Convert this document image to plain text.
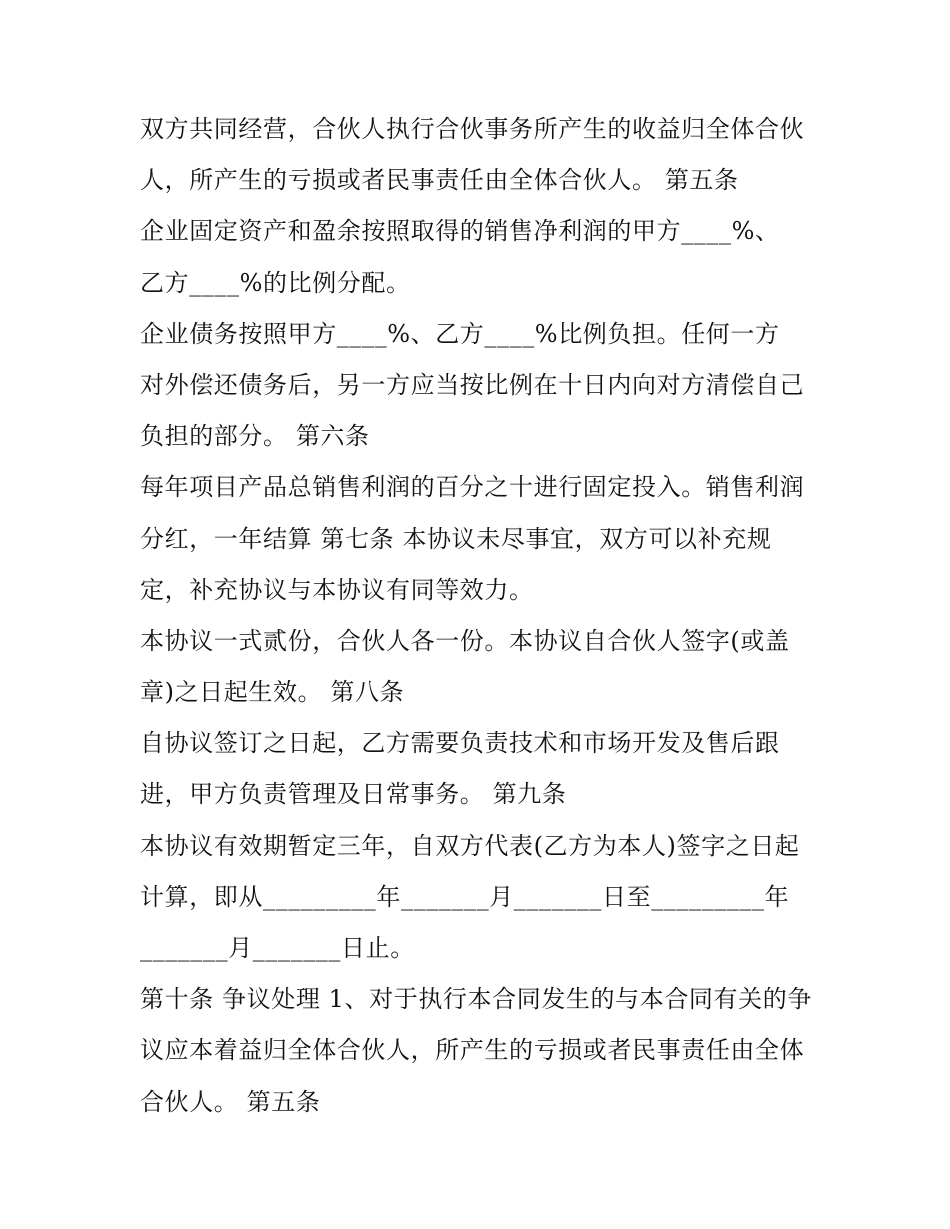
双方共同经营，合伙人执行合伙事务所产生的收益归全体合伙
人，所产生的亏损或者民事责任由全体合伙人。 第五条
企业固定资产和盈余按照取得的销售净利润的甲方____%、
乙方____%的比例分配。
企业债务按照甲方____%、乙方____%比例负担。任何一方
对外偿还债务后，另一方应当按比例在十日内向对方清偿自己
负担的部分。 第六条
每年项目产品总销售利润的百分之十进行固定投入。销售利润
分红，一年结算 第七条 本协议未尽事宜，双方可以补充规
定，补充协议与本协议有同等效力。
本协议一式贰份，合伙人各一份。本协议自合伙人签字(或盖
章)之日起生效。 第八条
自协议签订之日起，乙方需要负责技术和市场开发及售后跟
进，甲方负责管理及日常事务。 第九条
本协议有效期暂定三年，自双方代表(乙方为本人)签字之日起
计算，即从_________年_______月_______日至_________年
_______月_______日止。
第十条 争议处理 1、对于执行本合同发生的与本合同有关的争
议应本着益归全体合伙人，所产生的亏损或者民事责任由全体
合伙人。 第五条
